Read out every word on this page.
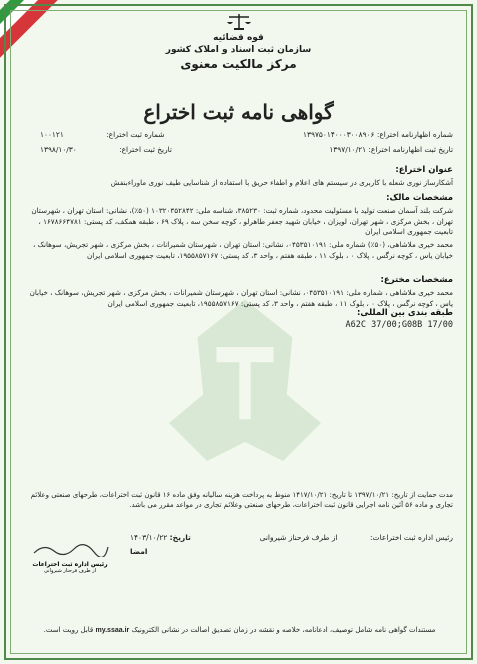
قوه قضائیه
سازمان ثبت اسناد و املاک کشور
مرکز مالکیت معنوی
گواهی نامه ثبت اختراع
شماره اظهارنامه اختراع: ۱۳۹۷۵۰۱۴۰۰۰۳۰۰۸۹۰۶
شماره ثبت اختراع: ۱۰۰۱۲۱
تاریخ ثبت اظهارنامه اختراع: ۱۳۹۷/۱۰/۲۱
تاریخ ثبت اختراع: ۱۳۹۸/۱۰/۳۰
عنوان اختراع:
آشکارساز نوری شعله با کاربری در سیستم های اعلام و اطفاء حریق با استفاده از شناسایی طیف نوری ماوراءبنفش
مشخصات مالک:
شرکت بلند آسمان صنعت تولید با مسئولیت محدود، شماره ثبت: ۳۸۵۲۳۰، شناسه ملی: ۱۰۳۲۰۳۵۲۸۴۲ (۵۰٪)، نشانی: استان تهران ، شهرستان تهران ، بخش مرکزی ، شهر تهران، لویزان ، خیابان شهید جعفر طاهرلو ، کوچه سخن سه ، پلاک ۶۹ ، طبقه همکف، کد پستی: ۱۶۷۸۶۶۴۷۸۱ ، تابعیت جمهوری اسلامی ایران
محمد خیری ملاشاهی، (۵۰٪) شماره ملی: ۰۴۵۳۵۱۰۱۹۱، نشانی: استان تهران ، شهرستان شمیرانات ، بخش مرکزی ، شهر تجریش، سوهانک ، خیابان یاس ، کوچه نرگس ، پلاک ۰ ، بلوک ۱۱ ، طبقه هفتم ، واحد ۳، کد پستی: ۱۹۵۵۸۵۷۱۶۷، تابعیت جمهوری اسلامی ایران
مشخصات مخترع:
محمد خیری ملاشاهی ، شماره ملی: ۰۴۵۳۵۱۰۱۹۱، نشانی: استان تهران ، شهرستان شمیرانات ، بخش مرکزی ، شهر تجریش، سوهانک ، خیابان یاس ، کوچه نرگس ، پلاک ۰ ، بلوک ۱۱ ، طبقه هفتم ، واحد ۳، کد پستی: ۱۹۵۵۸۵۷۱۶۷، تابعیت جمهوری اسلامی ایران
طبقه بندی بین المللی:
A62C 37/00;G08B 17/00
مدت حمایت از تاریخ: ۱۳۹۷/۱۰/۲۱ تا تاریخ: ۱۴۱۷/۱۰/۲۱ منوط به پرداخت هزینه سالیانه وفق ماده ۱۶ قانون ثبت اختراعات، طرحهای صنعتی وعلائم تجاری و ماده ۵۶ آئین نامه اجرایی قانون ثبت اختراعات، طرحهای صنعتی وعلائم تجاری در مواعد مقرر می باشد.
رئیس اداره ثبت اختراعات: از طرف فرحناز شیروانی
تاریخ: ۱۴۰۳/۱۰/۲۲
امضا
رئیس اداره ثبت اختراعات
از طرف فرحناز شیروانی
مستندات گواهی نامه شامل توصیف، ادعانامه، خلاصه و نقشه در زمان تصدیق اصالت در نشانی الکترونیک my.ssaa.ir قابل رویت است.
